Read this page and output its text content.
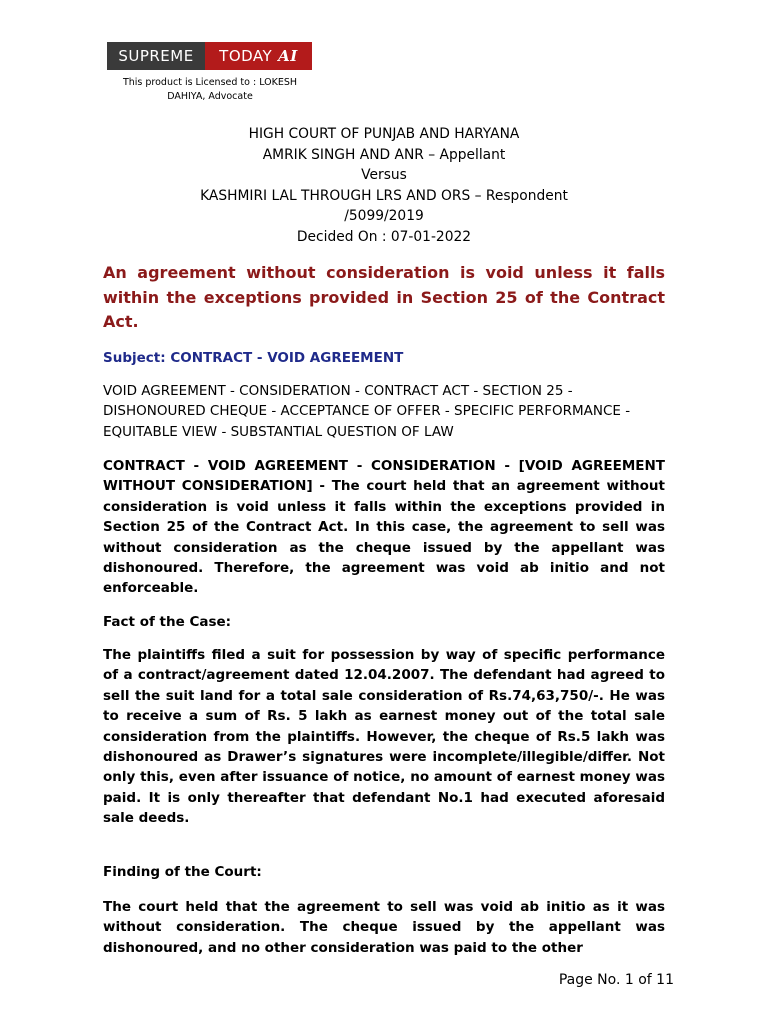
SUPREME TODAY AI
This product is Licensed to : LOKESH DAHIYA, Advocate
HIGH COURT OF PUNJAB AND HARYANA
AMRIK SINGH AND ANR – Appellant
Versus
KASHMIRI LAL THROUGH LRS AND ORS – Respondent
/5099/2019
Decided On : 07-01-2022
An agreement without consideration is void unless it falls within the exceptions provided in Section 25 of the Contract Act.
Subject: CONTRACT - VOID AGREEMENT
VOID AGREEMENT - CONSIDERATION - CONTRACT ACT - SECTION 25 - DISHONOURED CHEQUE - ACCEPTANCE OF OFFER - SPECIFIC PERFORMANCE - EQUITABLE VIEW - SUBSTANTIAL QUESTION OF LAW
CONTRACT - VOID AGREEMENT - CONSIDERATION - [VOID AGREEMENT WITHOUT CONSIDERATION] - The court held that an agreement without consideration is void unless it falls within the exceptions provided in Section 25 of the Contract Act. In this case, the agreement to sell was without consideration as the cheque issued by the appellant was dishonoured. Therefore, the agreement was void ab initio and not enforceable.
Fact of the Case:
The plaintiffs filed a suit for possession by way of specific performance of a contract/agreement dated 12.04.2007. The defendant had agreed to sell the suit land for a total sale consideration of Rs.74,63,750/-. He was to receive a sum of Rs. 5 lakh as earnest money out of the total sale consideration from the plaintiffs. However, the cheque of Rs.5 lakh was dishonoured as Drawer’s signatures were incomplete/illegible/differ. Not only this, even after issuance of notice, no amount of earnest money was paid. It is only thereafter that defendant No.1 had executed aforesaid sale deeds.
Finding of the Court:
The court held that the agreement to sell was void ab initio as it was without consideration. The cheque issued by the appellant was dishonoured, and no other consideration was paid to the other
Page No. 1 of 11
